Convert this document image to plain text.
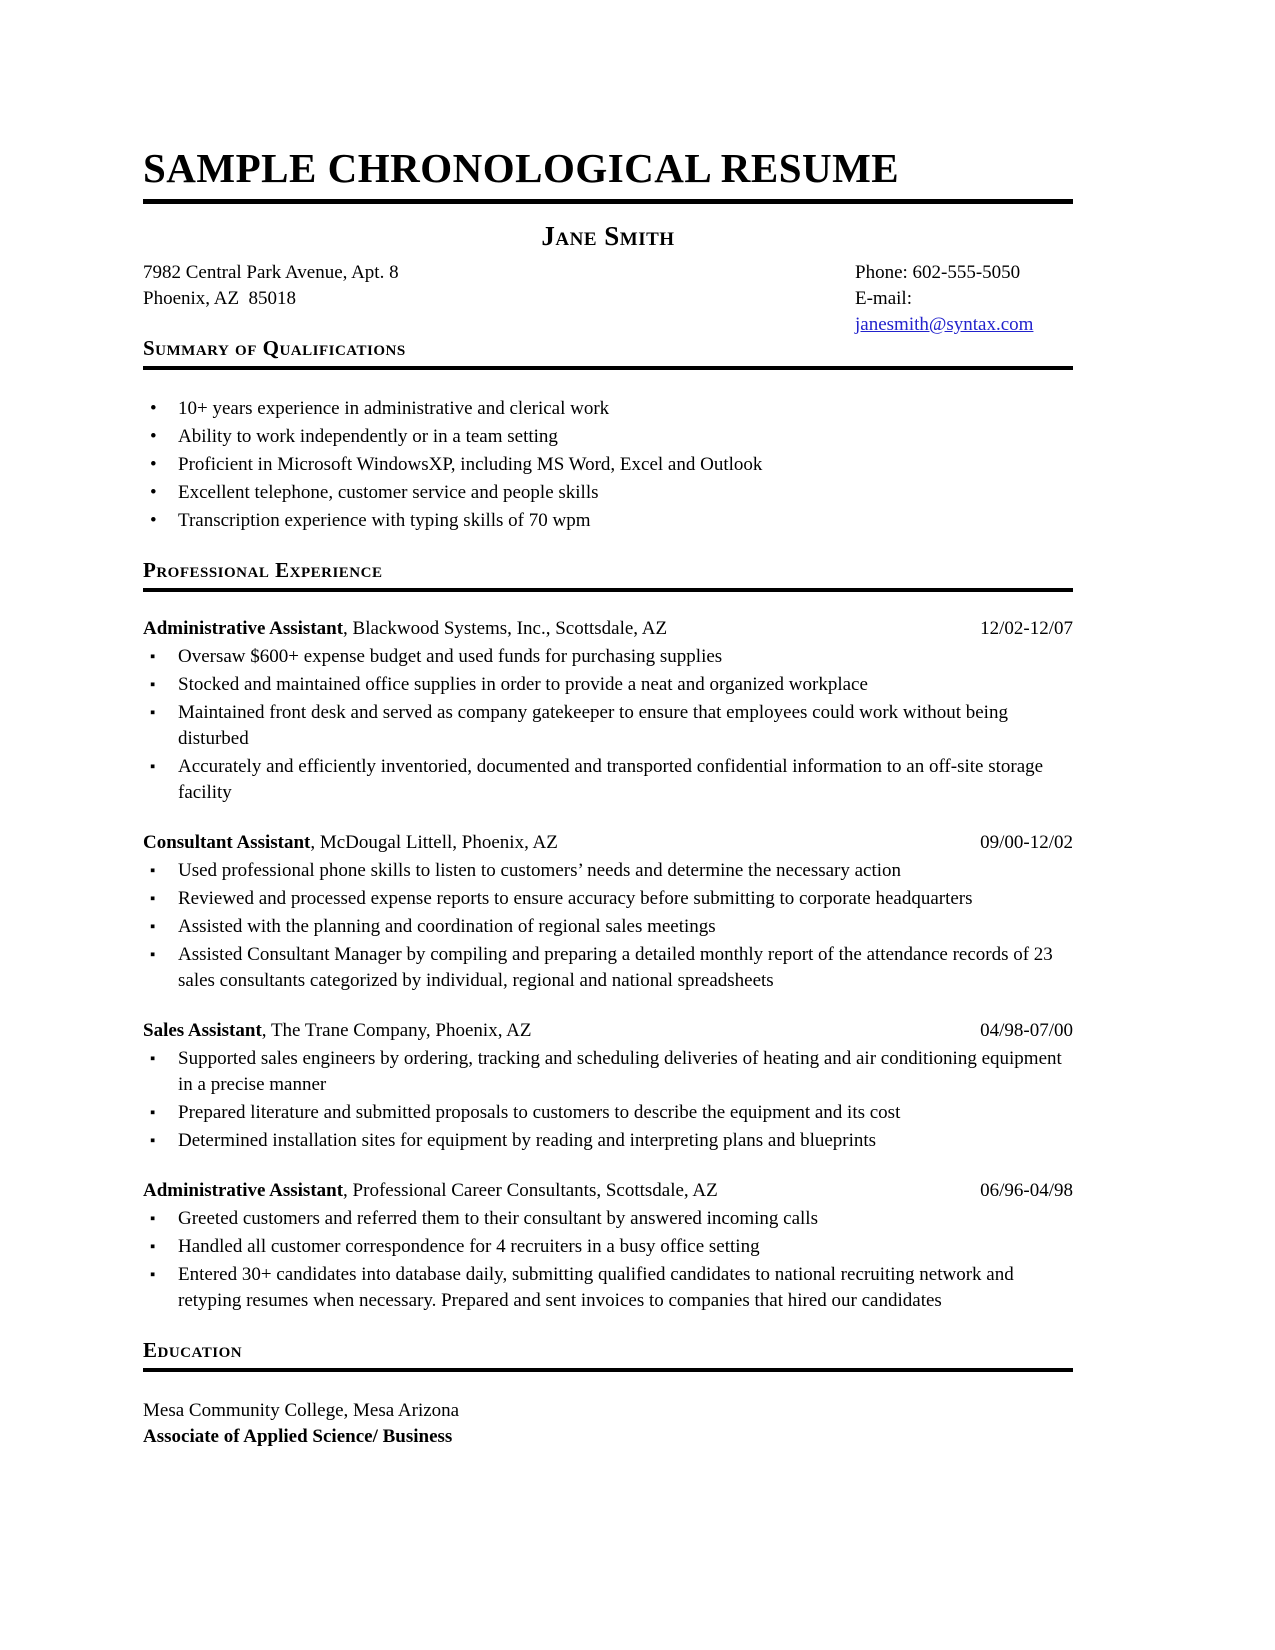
SAMPLE CHRONOLOGICAL RESUME
Jane Smith
7982 Central Park Avenue, Apt. 8
Phoenix, AZ  85018
Phone: 602-555-5050
E-mail: janesmith@syntax.com
Summary of Qualifications
•	10+ years experience in administrative and clerical work
•	Ability to work independently or in a team setting
•	Proficient in Microsoft WindowsXP, including MS Word, Excel and Outlook
•	Excellent telephone, customer service and people skills
•	Transcription experience with typing skills of 70 wpm
Professional Experience
Administrative Assistant, Blackwood Systems, Inc., Scottsdale, AZ	12/02-12/07
▪	Oversaw $600+ expense budget and used funds for purchasing supplies
▪	Stocked and maintained office supplies in order to provide a neat and organized workplace
▪	Maintained front desk and served as company gatekeeper to ensure that employees could work without being disturbed
▪	Accurately and efficiently inventoried, documented and transported confidential information to an off-site storage facility
Consultant Assistant, McDougal Littell, Phoenix, AZ	09/00-12/02
▪	Used professional phone skills to listen to customers’ needs and determine the necessary action
▪	Reviewed and processed expense reports to ensure accuracy before submitting to corporate headquarters
▪	Assisted with the planning and coordination of regional sales meetings
▪	Assisted Consultant Manager by compiling and preparing a detailed monthly report of the attendance records of 23 sales consultants categorized by individual, regional and national spreadsheets
Sales Assistant, The Trane Company, Phoenix, AZ	04/98-07/00
▪	Supported sales engineers by ordering, tracking and scheduling deliveries of heating and air conditioning equipment in a precise manner
▪	Prepared literature and submitted proposals to customers to describe the equipment and its cost
▪	Determined installation sites for equipment by reading and interpreting plans and blueprints
Administrative Assistant, Professional Career Consultants, Scottsdale, AZ	06/96-04/98
▪	Greeted customers and referred them to their consultant by answered incoming calls
▪	Handled all customer correspondence for 4 recruiters in a busy office setting
▪	Entered 30+ candidates into database daily, submitting qualified candidates to national recruiting network and retyping resumes when necessary. Prepared and sent invoices to companies that hired our candidates
Education
Mesa Community College, Mesa Arizona
Associate of Applied Science/ Business
